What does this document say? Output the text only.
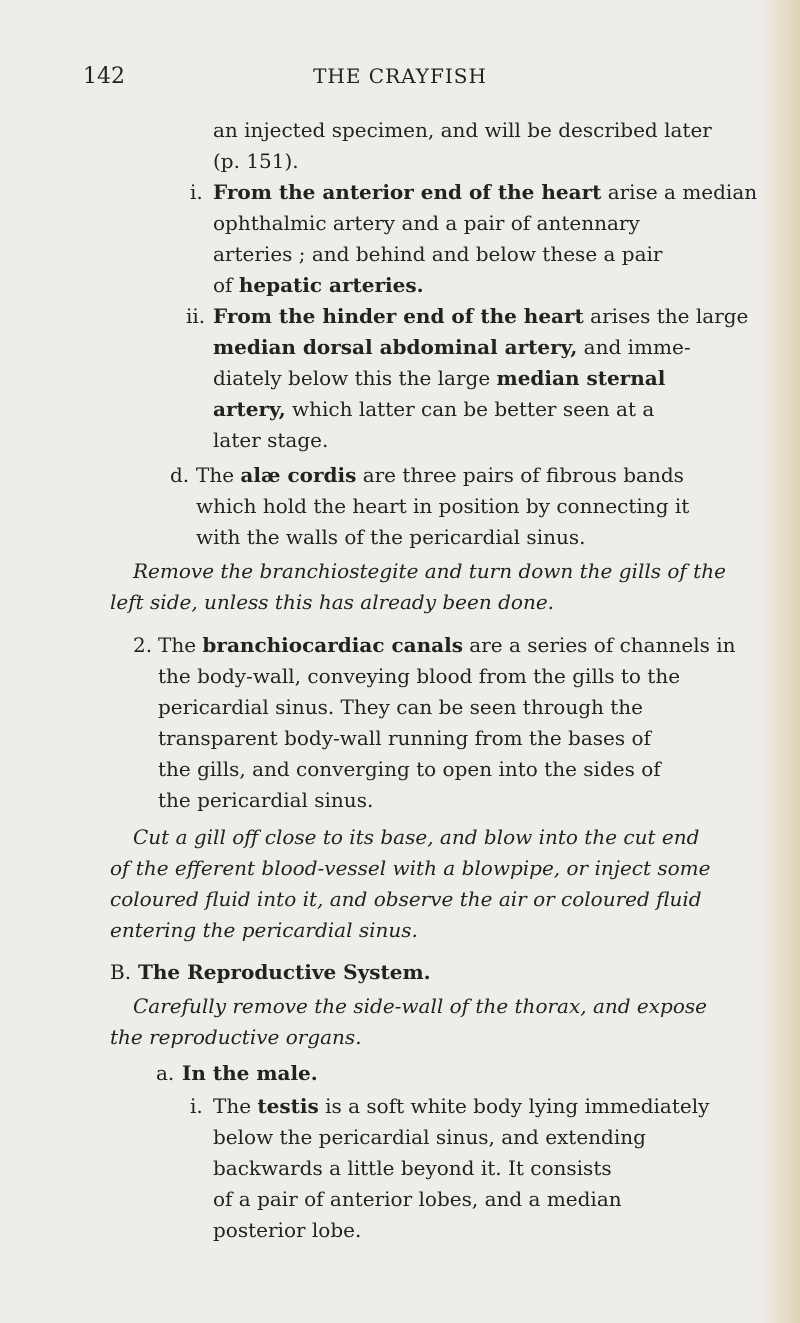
142	THE CRAYFISH
an injected specimen, and will be described later
(p. 151).
i. From the anterior end of the heart arise a median
ophthalmic artery and a pair of antennary
arteries ; and behind and below these a pair
of hepatic arteries.
ii. From the hinder end of the heart arises the large
median dorsal abdominal artery, and imme-
diately below this the large median sternal
artery, which latter can be better seen at a
later stage.
d. The alæ cordis are three pairs of fibrous bands
which hold the heart in position by connecting it
with the walls of the pericardial sinus.
Remove the branchiostegite and turn down the gills of the
left side, unless this has already been done.
2. The branchiocardiac canals are a series of channels in
the body-wall, conveying blood from the gills to the
pericardial sinus. They can be seen through the
transparent body-wall running from the bases of
the gills, and converging to open into the sides of
the pericardial sinus.
Cut a gill off close to its base, and blow into the cut end
of the efferent blood-vessel with a blowpipe, or inject some
coloured fluid into it, and observe the air or coloured fluid
entering the pericardial sinus.
B. The Reproductive System.
Carefully remove the side-wall of the thorax, and expose
the reproductive organs.
a. In the male.
i. The testis is a soft white body lying immediately
below the pericardial sinus, and extending
backwards a little beyond it. It consists
of a pair of anterior lobes, and a median
posterior lobe.
